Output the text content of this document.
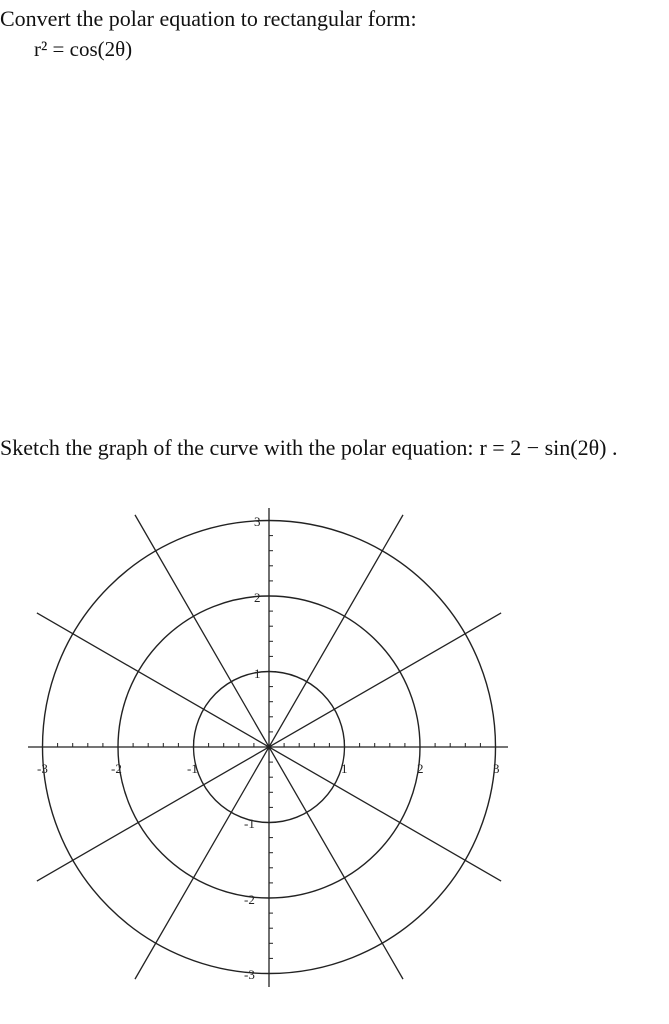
Convert the polar equation to rectangular form:
r² = cos(2θ)
Sketch the graph of the curve with the polar equation: r = 2 − sin(2θ) .
-3	-2	-1	1	2	3
3
2
1
-1
-2
-3
